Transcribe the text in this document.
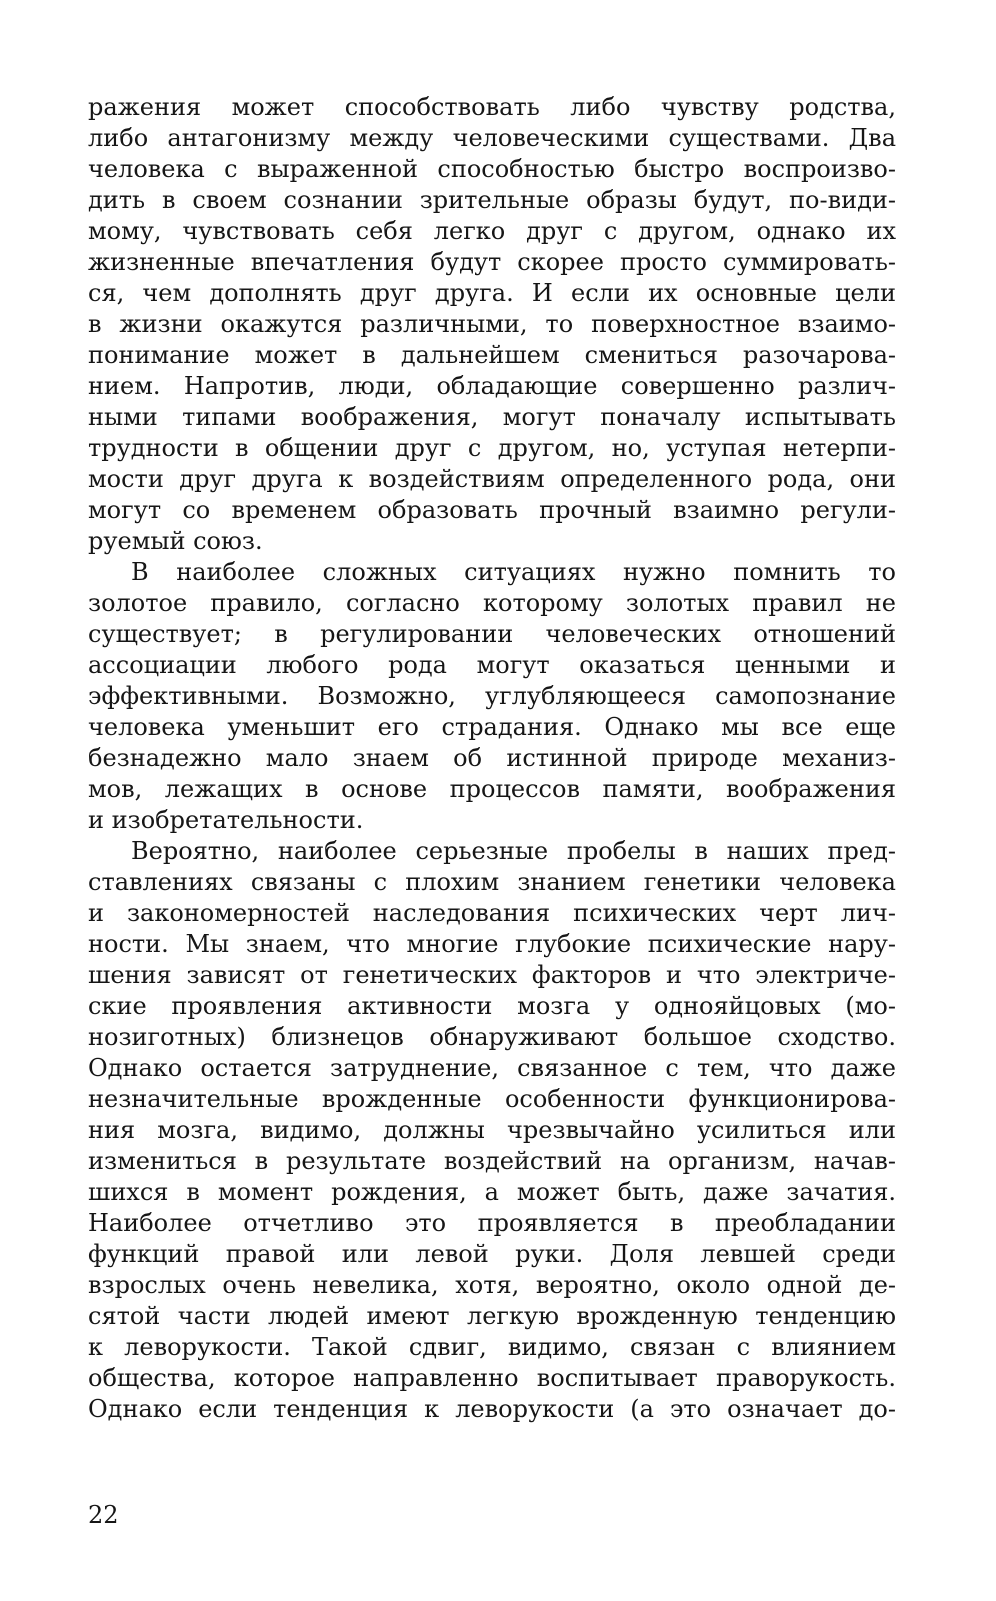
ражения может способствовать либо чувству родства,
либо антагонизму между человеческими существами. Два
человека с выраженной способностью быстро воспроизво-
дить в своем сознании зрительные образы будут, по-види-
мому, чувствовать себя легко друг с другом, однако их
жизненные впечатления будут скорее просто суммировать-
ся, чем дополнять друг друга. И если их основные цели
в жизни окажутся различными, то поверхностное взаимо-
понимание может в дальнейшем смениться разочарова-
нием. Напротив, люди, обладающие совершенно различ-
ными типами воображения, могут поначалу испытывать
трудности в общении друг с другом, но, уступая нетерпи-
мости друг друга к воздействиям определенного рода, они
могут со временем образовать прочный взаимно регули-
руемый союз.
В наиболее сложных ситуациях нужно помнить то
золотое правило, согласно которому золотых правил не
существует; в регулировании человеческих отношений
ассоциации любого рода могут оказаться ценными и
эффективными. Возможно, углубляющееся самопознание
человека уменьшит его страдания. Однако мы все еще
безнадежно мало знаем об истинной природе механиз-
мов, лежащих в основе процессов памяти, воображения
и изобретательности.
Вероятно, наиболее серьезные пробелы в наших пред-
ставлениях связаны с плохим знанием генетики человека
и закономерностей наследования психических черт лич-
ности. Мы знаем, что многие глубокие психические нару-
шения зависят от генетических факторов и что электриче-
ские проявления активности мозга у однояйцовых (мо-
нозиготных) близнецов обнаруживают большое сходство.
Однако остается затруднение, связанное с тем, что даже
незначительные врожденные особенности функционирова-
ния мозга, видимо, должны чрезвычайно усилиться или
измениться в результате воздействий на организм, начав-
шихся в момент рождения, а может быть, даже зачатия.
Наиболее отчетливо это проявляется в преобладании
функций правой или левой руки. Доля левшей среди
взрослых очень невелика, хотя, вероятно, около одной де-
сятой части людей имеют легкую врожденную тенденцию
к леворукости. Такой сдвиг, видимо, связан с влиянием
общества, которое направленно воспитывает праворукость.
Однако если тенденция к леворукости (а это означает до-
22
